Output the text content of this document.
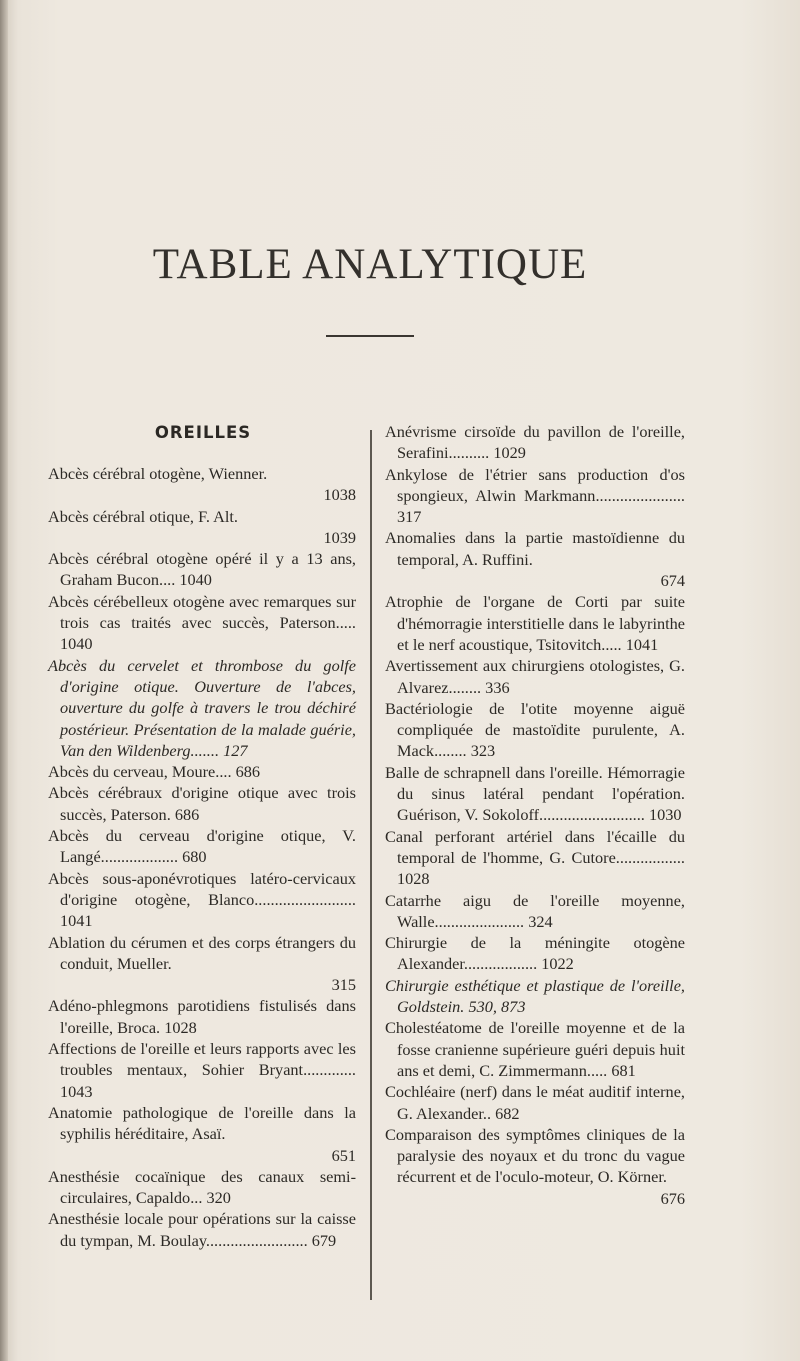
TABLE ANALYTIQUE
OREILLES
Abcès cérébral otogène, Wienner.
1038
Abcès cérébral otique, F. Alt.
1039
Abcès cérébral otogène opéré il y a 13 ans, Graham Bucon.... 1040
Abcès cérébelleux otogène avec remarques sur trois cas traités avec succès, Paterson..... 1040
Abcès du cervelet et thrombose du golfe d'origine otique. Ouverture de l'abces, ouverture du golfe à travers le trou déchiré postérieur. Présentation de la malade guérie, Van den Wildenberg....... 127
Abcès du cerveau, Moure.... 686
Abcès cérébraux d'origine otique avec trois succès, Paterson. 686
Abcès du cerveau d'origine otique, V. Langé................... 680
Abcès sous-aponévrotiques latéro-cervicaux d'origine otogène, Blanco......................... 1041
Ablation du cérumen et des corps étrangers du conduit, Mueller.
315
Adéno-phlegmons parotidiens fistulisés dans l'oreille, Broca. 1028
Affections de l'oreille et leurs rapports avec les troubles mentaux, Sohier Bryant............. 1043
Anatomie pathologique de l'oreille dans la syphilis héréditaire, Asaï.
651
Anesthésie cocaïnique des canaux semi-circulaires, Capaldo... 320
Anesthésie locale pour opérations sur la caisse du tympan, M. Boulay......................... 679
Anévrisme cirsoïde du pavillon de l'oreille, Serafini.......... 1029
Ankylose de l'étrier sans production d'os spongieux, Alwin Markmann...................... 317
Anomalies dans la partie mastoïdienne du temporal, A. Ruffini.
674
Atrophie de l'organe de Corti par suite d'hémorragie interstitielle dans le labyrinthe et le nerf acoustique, Tsitovitch..... 1041
Avertissement aux chirurgiens otologistes, G. Alvarez........ 336
Bactériologie de l'otite moyenne aiguë compliquée de mastoïdite purulente, A. Mack........ 323
Balle de schrapnell dans l'oreille. Hémorragie du sinus latéral pendant l'opération. Guérison, V. Sokoloff.......................... 1030
Canal perforant artériel dans l'écaille du temporal de l'homme, G. Cutore................. 1028
Catarrhe aigu de l'oreille moyenne, Walle...................... 324
Chirurgie de la méningite otogène Alexander.................. 1022
Chirurgie esthétique et plastique de l'oreille, Goldstein. 530, 873
Cholestéatome de l'oreille moyenne et de la fosse cranienne supérieure guéri depuis huit ans et demi, C. Zimmermann..... 681
Cochléaire (nerf) dans le méat auditif interne, G. Alexander.. 682
Comparaison des symptômes cliniques de la paralysie des noyaux et du tronc du vague récurrent et de l'oculo-moteur, O. Körner.
676
